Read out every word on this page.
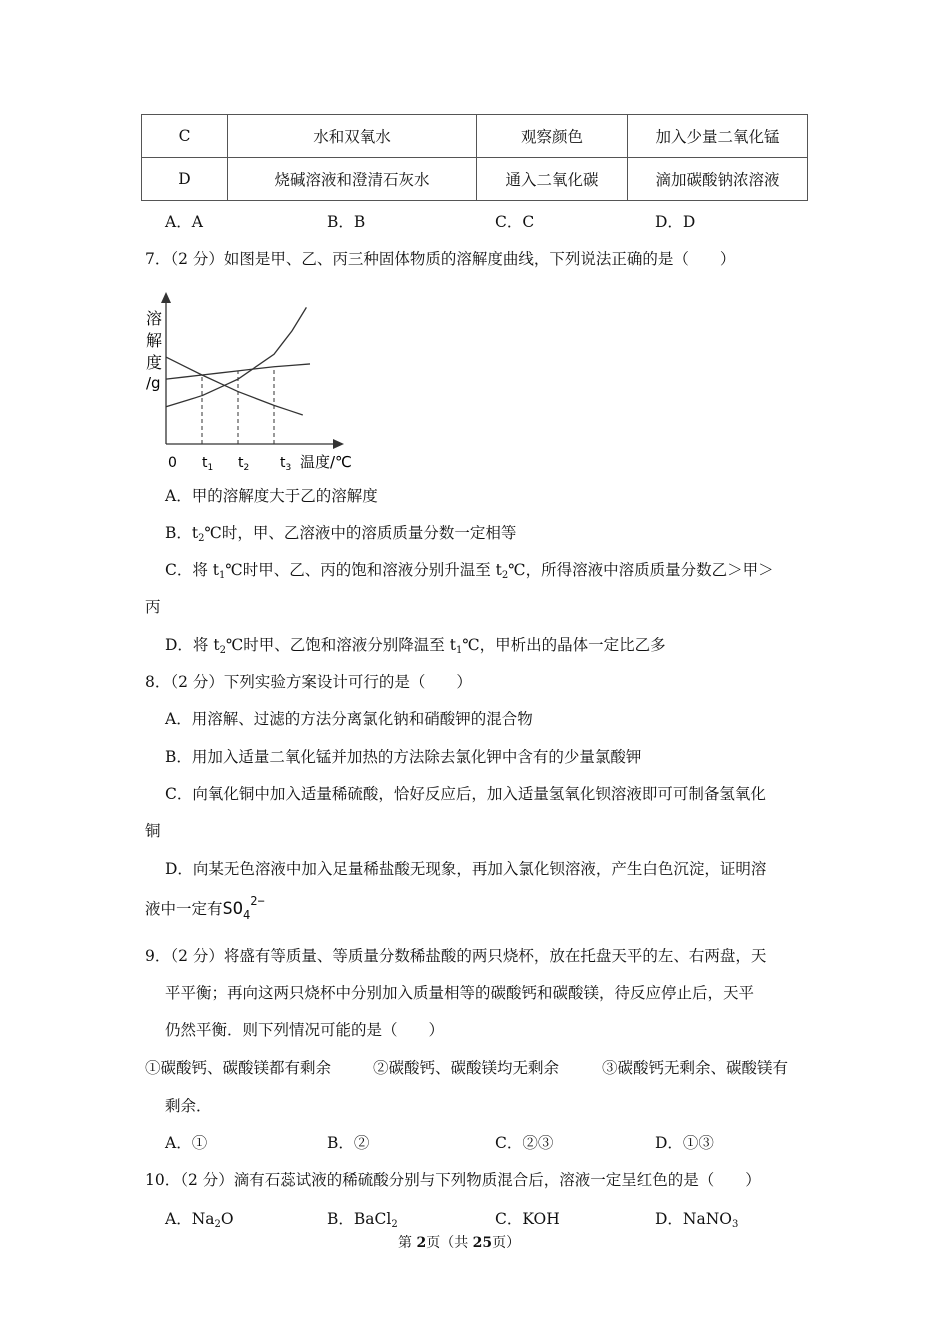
C	水和双氧水	观察颜色	加入少量二氧化锰
D	烧碱溶液和澄清石灰水	通入二氧化碳	滴加碳酸钠浓溶液
A．A	B．B	C．C	D．D
7．（2 分）如图是甲、乙、丙三种固体物质的溶解度曲线，下列说法正确的是（　　）
溶
解
度
/g
0 $t_1$ $t_2$ $t_3$ 温度/℃
A．甲的溶解度大于乙的溶解度
B．$t_2℃$时，甲、乙溶液中的溶质质量分数一定相等
C．将 $t_1℃$时甲、乙、丙的饱和溶液分别升温至 $t_2℃$，所得溶液中溶质质量分数乙＞甲＞
丙
D．将 $t_2℃$时甲、乙饱和溶液分别降温至 $t_1℃$，甲析出的晶体一定比乙多
8．（2 分）下列实验方案设计可行的是（　　）
A．用溶解、过滤的方法分离氯化钠和硝酸钾的混合物
B．用加入适量二氧化锰并加热的方法除去氯化钾中含有的少量氯酸钾
C．向氧化铜中加入适量稀硫酸，恰好反应后，加入适量氢氧化钡溶液即可可制备氢氧化
铜
D．向某无色溶液中加入足量稀盐酸无现象，再加入氯化钡溶液，产生白色沉淀，证明溶
液中一定有$SO_4^{2-}$
9．（2 分）将盛有等质量、等质量分数稀盐酸的两只烧杯，放在托盘天平的左、右两盘，天
平平衡；再向这两只烧杯中分别加入质量相等的碳酸钙和碳酸镁，待反应停止后，天平
仍然平衡．则下列情况可能的是（　　）
①碳酸钙、碳酸镁都有剩余	②碳酸钙、碳酸镁均无剩余	③碳酸钙无剩余、碳酸镁有
剩余．
A．①	B．②	C．②③	D．①③
10．（2 分）滴有石蕊试液的稀硫酸分别与下列物质混合后，溶液一定呈红色的是（　　）
A．$Na_2O$	B．BaCl$_2$	C．KOH	D．NaNO$_3$
第 2页（共 25页）
